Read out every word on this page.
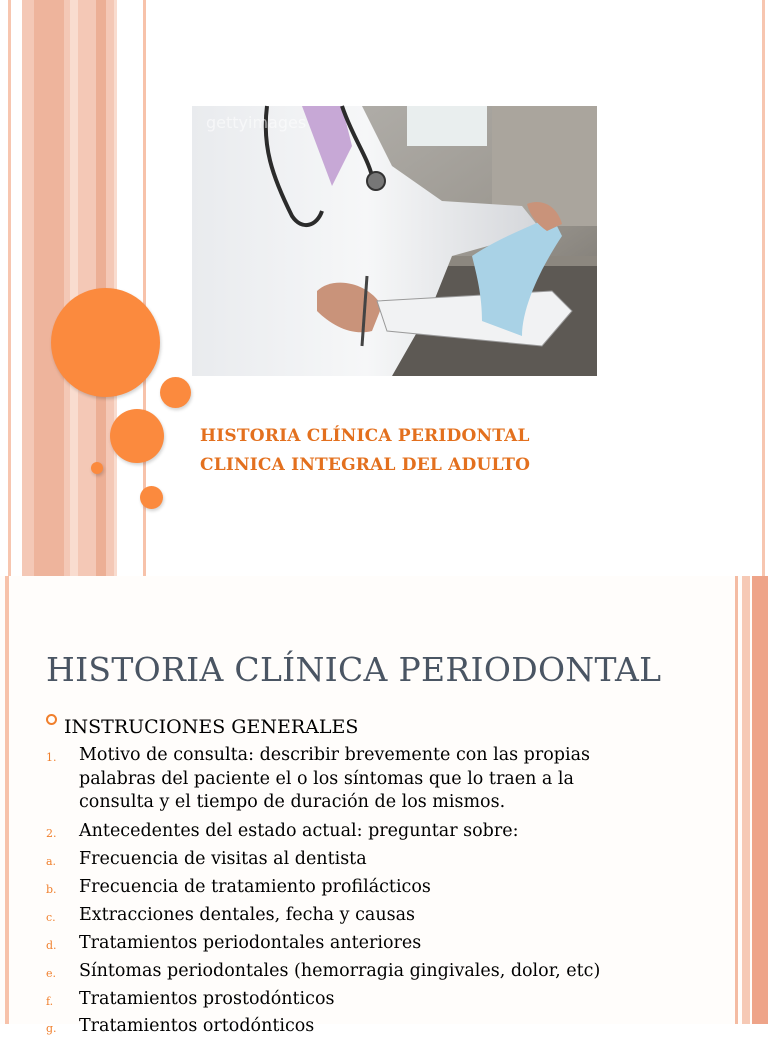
gettyimages
HISTORIA CLÍNICA PERIDONTAL
CLINICA INTEGRAL DEL ADULTO
HISTORIA CLÍNICA PERIODONTAL
INSTRUCIONES GENERALES
1.	Motivo de consulta: describir brevemente con las propias
palabras del paciente el o los síntomas que lo traen a la
consulta y el tiempo de duración de los mismos.
2.	Antecedentes del estado actual: preguntar sobre:
a.	Frecuencia de visitas al dentista
b.	Frecuencia de tratamiento profilácticos
c.	Extracciones dentales, fecha y causas
d.	Tratamientos periodontales anteriores
e.	Síntomas periodontales (hemorragia gingivales, dolor, etc)
f.	Tratamientos prostodónticos
g.	Tratamientos ortodónticos
